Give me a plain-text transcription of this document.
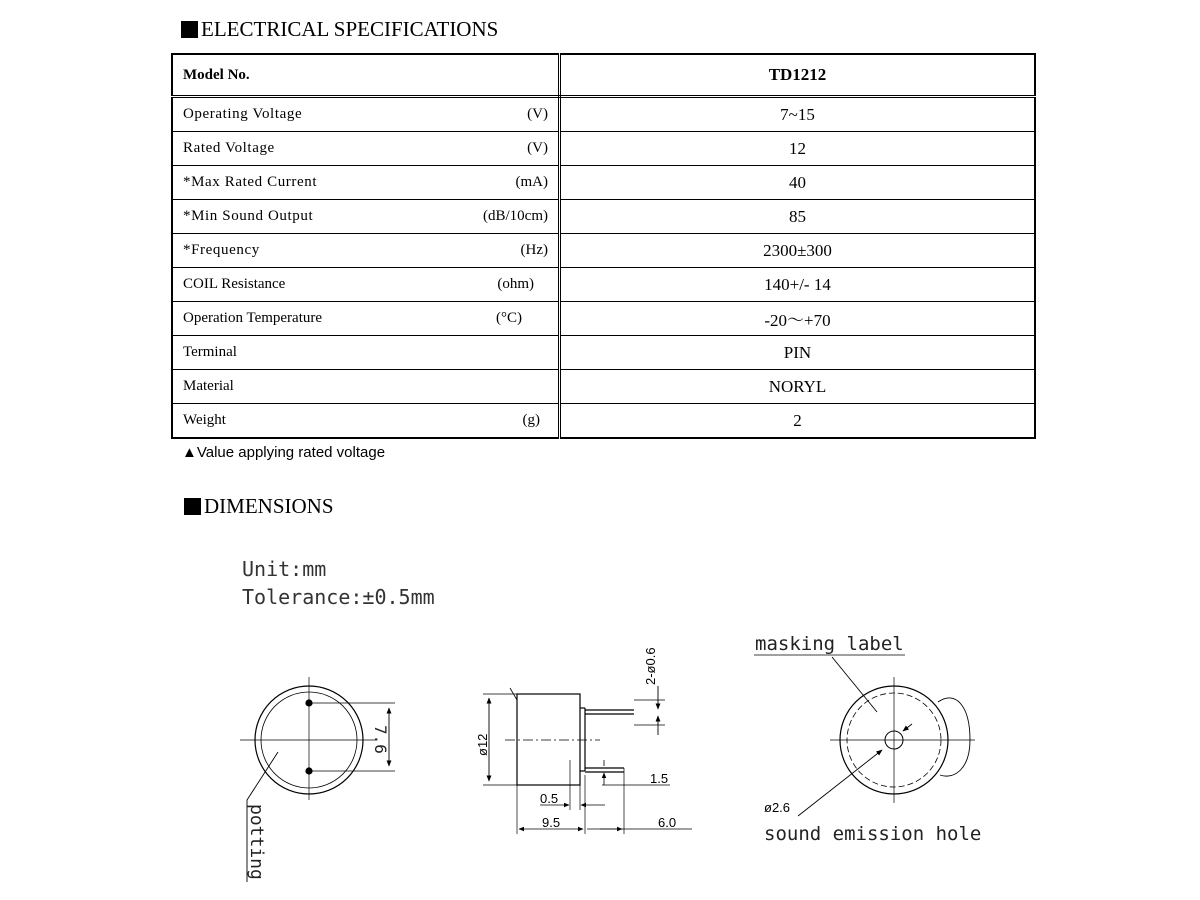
ELECTRICAL SPECIFICATIONS
Model No.	TD1212

Operating Voltage (V)	7~15

Rated Voltage (V)	12

*Max Rated Current (mA)	40

*Min Sound Output (dB/10cm)	85

*Frequency (Hz)	2300±300

COIL Resistance (ohm)	140+/- 14

Operation Temperature (°C)	-20～+70

Terminal	PIN

Material	NORYL

Weight (g)	2
▲Value applying rated voltage
DIMENSIONS
Unit:mm
Tolerance:±0.5mm
7.6
potting
ø12
2-ø0.6
1.5
0.5
9.5	6.0
masking label
ø2.6
sound emission hole
